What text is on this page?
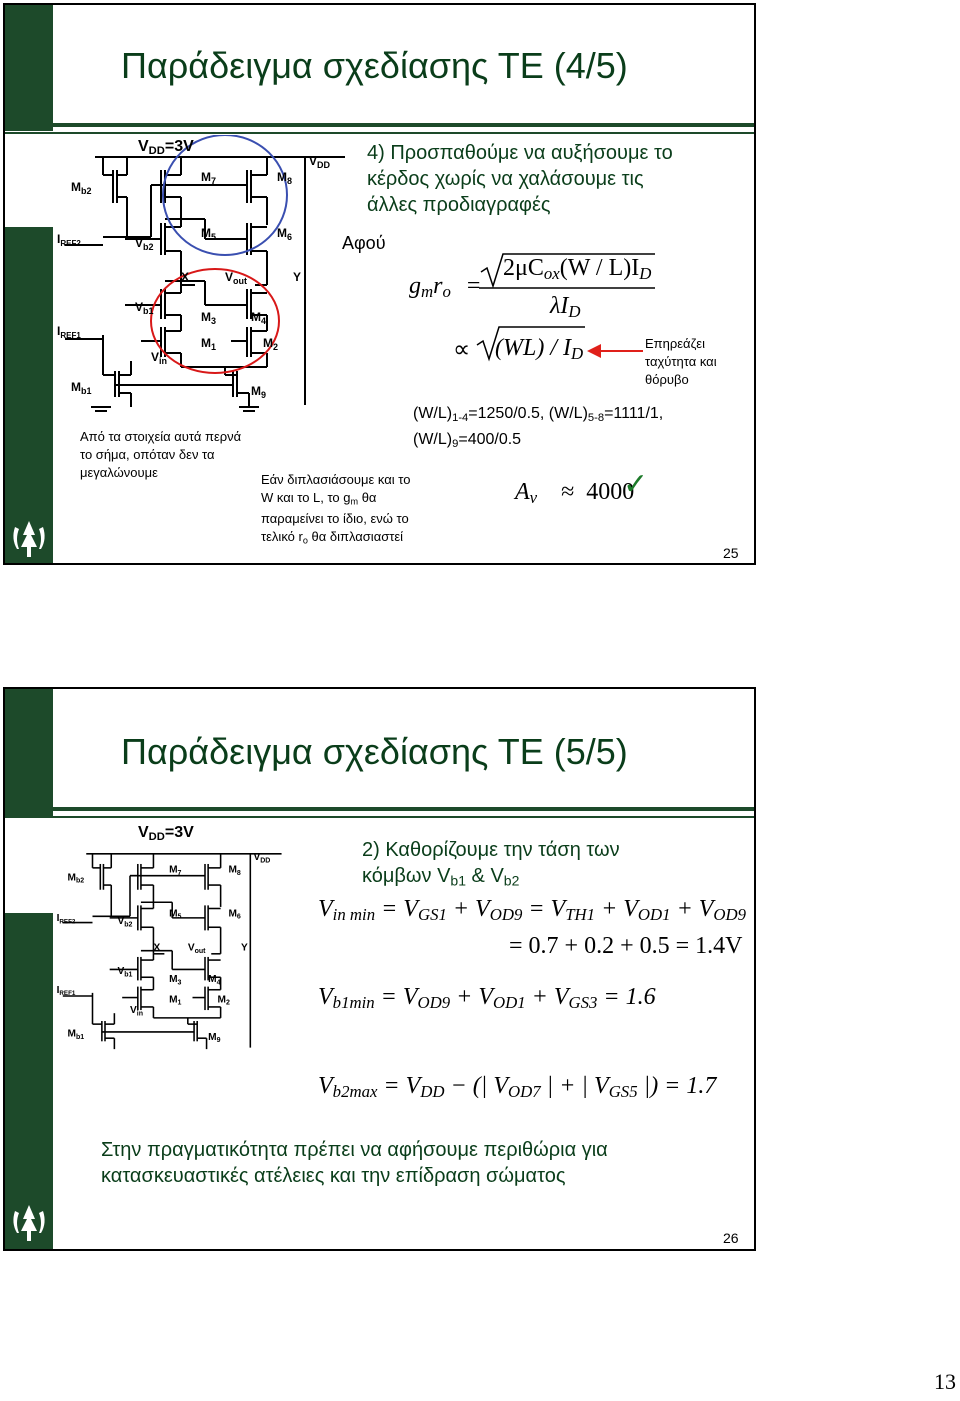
Παράδειγμα σχεδίασης ΤΕ (4/5)
$M_{b2}$
$M_7$	$M_8$
$V_{DD}$
$I_{REF2}$	$V_{b2}$
$M_5$	$M_6$
X	$V_{out}$	Y
$V_{b1}$	$M_3$	$M_4$
$I_{REF1}$
$M_1$	$M_2$
$V_{in}$
$M_{b1}$	$M_9$
$V_{DD}=3V$	4) Προσπαθούμε να αυξήσουμε το
κέρδος χωρίς να χαλάσουμε τις
άλλες προδιαγραφές
Αφού
$g_mr_o$ =
$2\mu C_{ox}(W / L)I_D$
$\lambda I_D$
∝ $(WL) / I_D$
Επηρεάζει
ταχύτητα και
θόρυβο
Από τα στοιχεία αυτά περνά
το σήμα, οπόταν δεν τα
μεγαλώνουμε	Εάν διπλασιάσουμε και το
W και το L, το $g_m$ θα
παραμείνει το ίδιο, ενώ το
τελικό $r_o$ θα διπλασιαστεί
$(W/L)_{1-4}=1250/0.5$, $(W/L)_{5-8}=1111/1$,
$(W/L)_9=400/0.5$
$A_v \approx 4000$
✓
25
Παράδειγμα σχεδίασης ΤΕ (5/5)
$M_{b2}$
$M_7$	$M_8$
$V_{DD}$
$I_{REF2}$	$V_{b2}$
$M_5$	$M_6$
X $V_{out}$	Y
$V_{b1}$	$M_3$ $M_4$
$I_{REF1}$
$M_1$	$M_2$
$V_{in}$
$M_{b1}$	$M_9$
$V_{DD}=3V$
2) Καθορίζουμε την τάση των
κόμβων $V_{b1}$ & $V_{b2}$
$V_{in min} = V_{GS1} + V_{OD9} = V_{TH1} + V_{OD1} + V_{OD9}$
= 0.7 + 0.2 + 0.5 = 1.4V
$V_{b1min} = V_{OD9} + V_{OD1} + V_{GS3} = 1.6$
$V_{b2max} = V_{DD}$ − (| $V_{OD7}$ | + | $V_{GS5}$ |) = 1.7
Στην πραγματικότητα πρέπει να αφήσουμε περιθώρια για
κατασκευαστικές ατέλειες και την επίδραση σώματος
26
13
